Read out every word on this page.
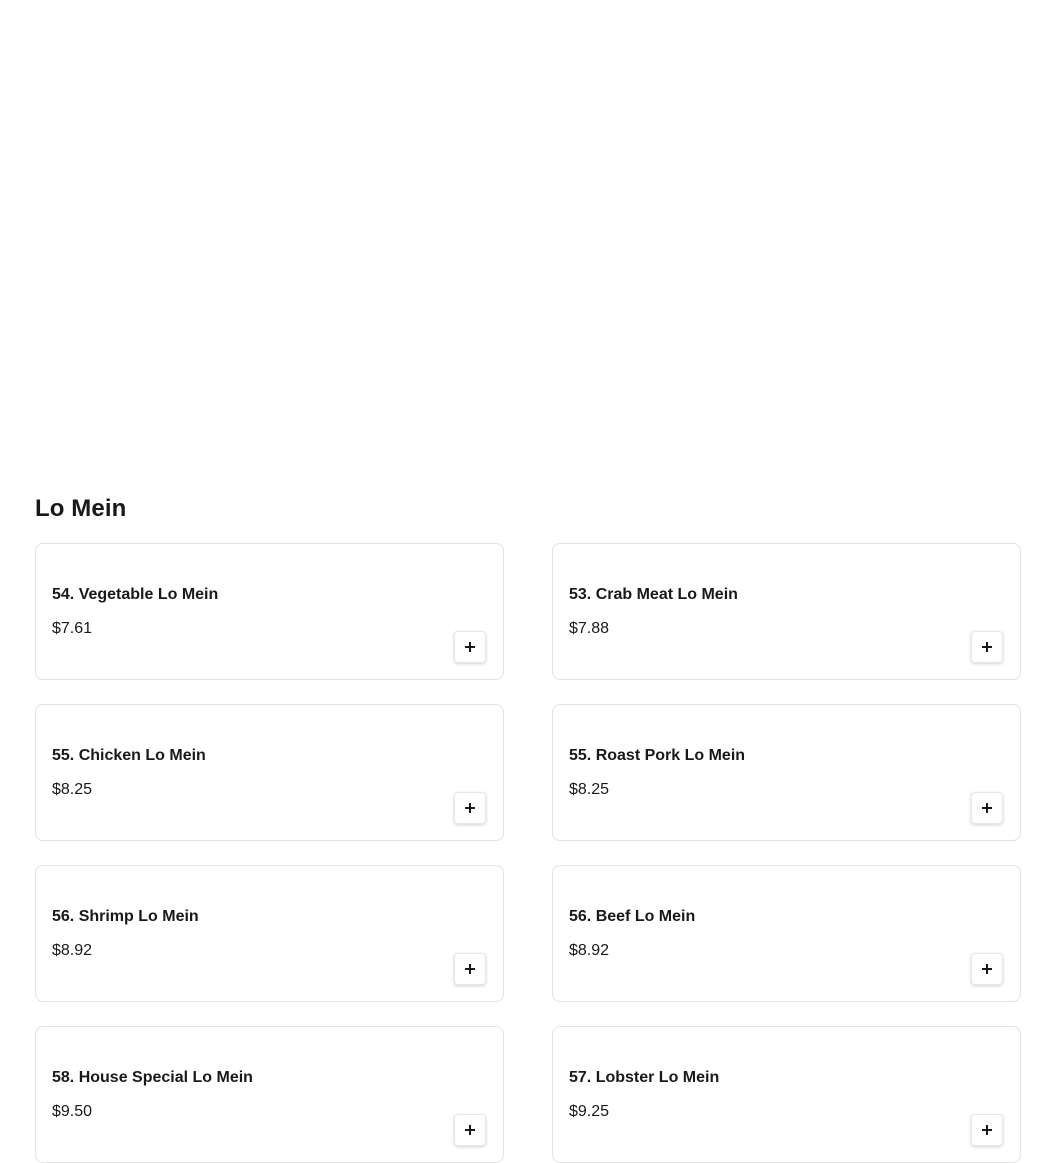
Lo Mein
54. Vegetable Lo Mein
$7.61
53. Crab Meat Lo Mein
$7.88
55. Chicken Lo Mein
$8.25
55. Roast Pork Lo Mein
$8.25
56. Shrimp Lo Mein
$8.92
56. Beef Lo Mein
$8.92
58. House Special Lo Mein
$9.50
57. Lobster Lo Mein
$9.25
